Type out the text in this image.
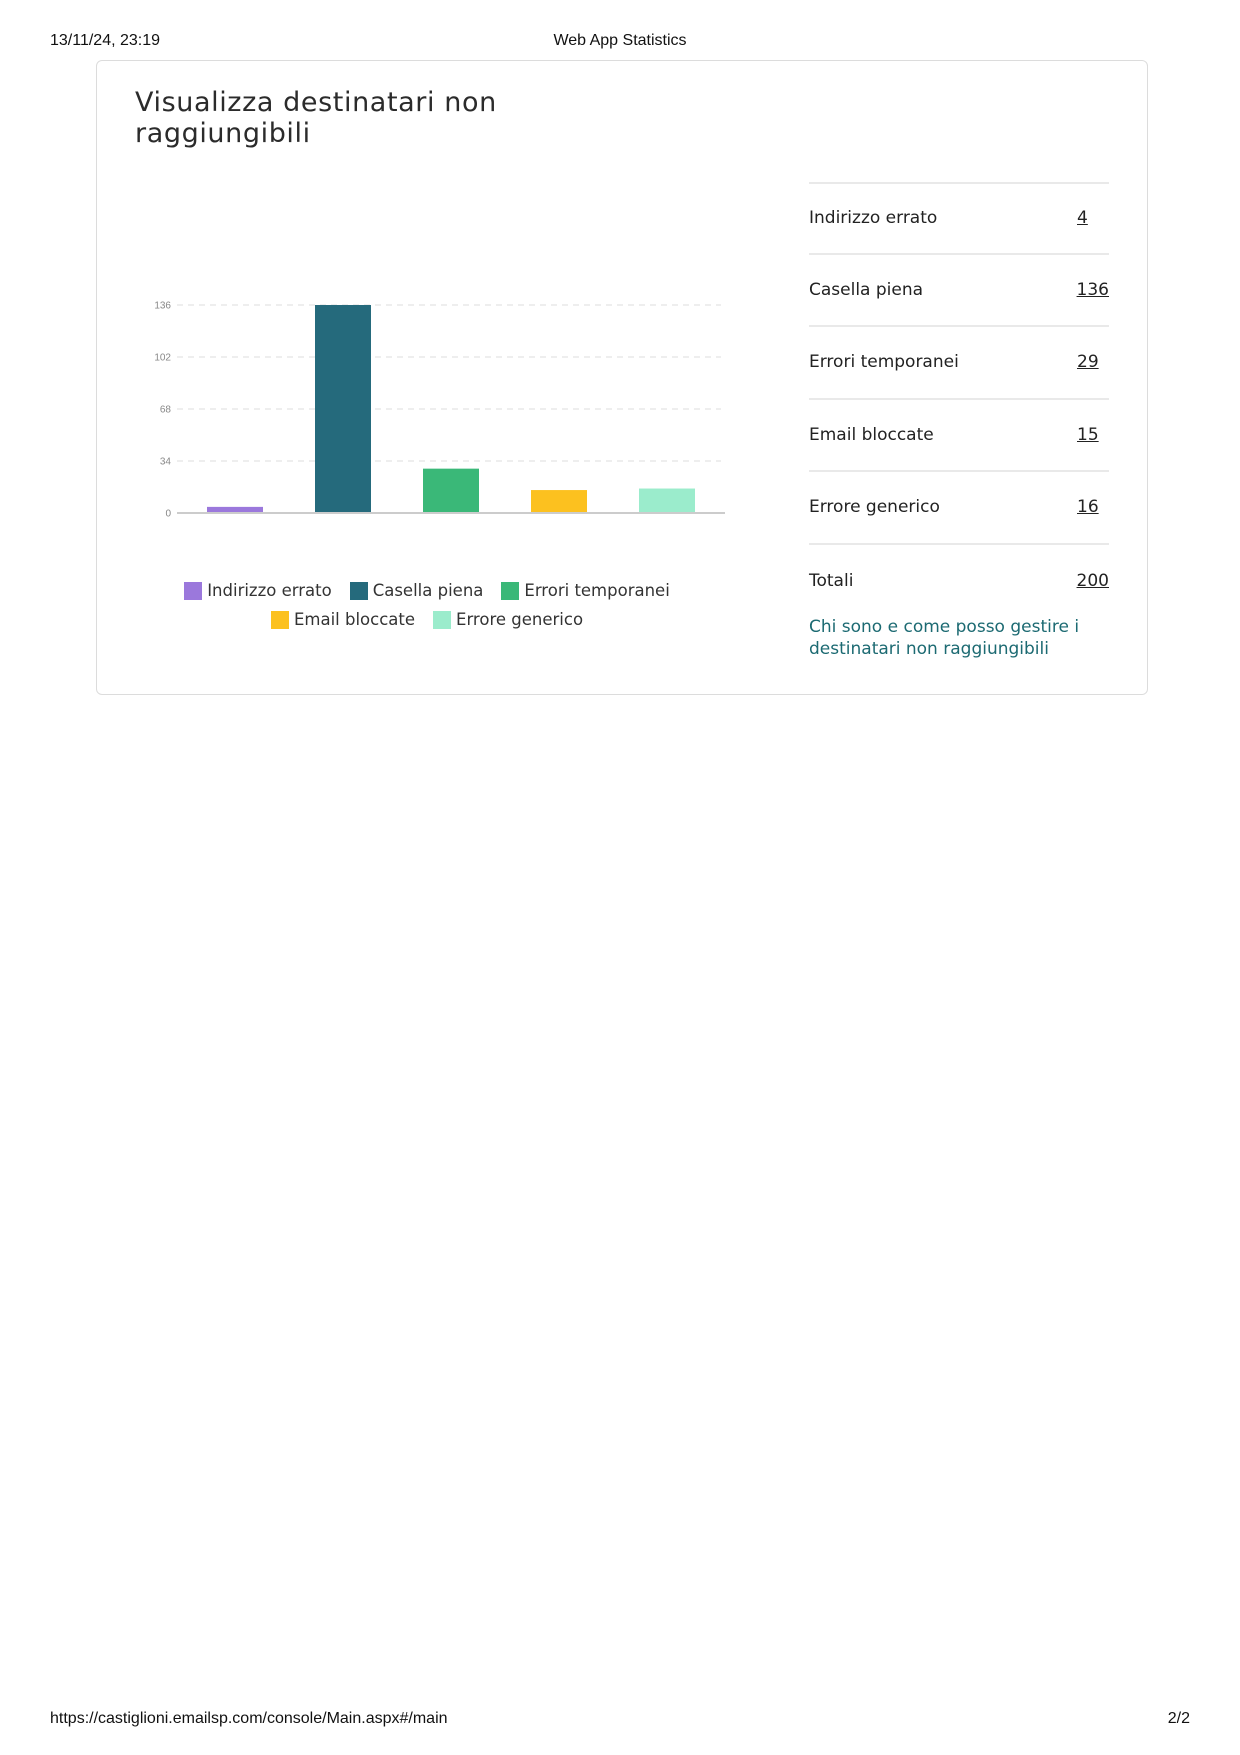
13/11/24, 23:19	Web App Statistics
Visualizza destinatari non raggiungibili
0
34
68
102
136
Indirizzo errato Casella piena Errori temporanei
Email bloccate Errore generico
Indirizzo errato	4
Casella piena	136
Errori temporanei	29
Email bloccate	15
Errore generico	16
Totali	200
Chi sono e come posso gestire i destinatari non raggiungibili
https://castiglioni.emailsp.com/console/Main.aspx#/main	2/2
